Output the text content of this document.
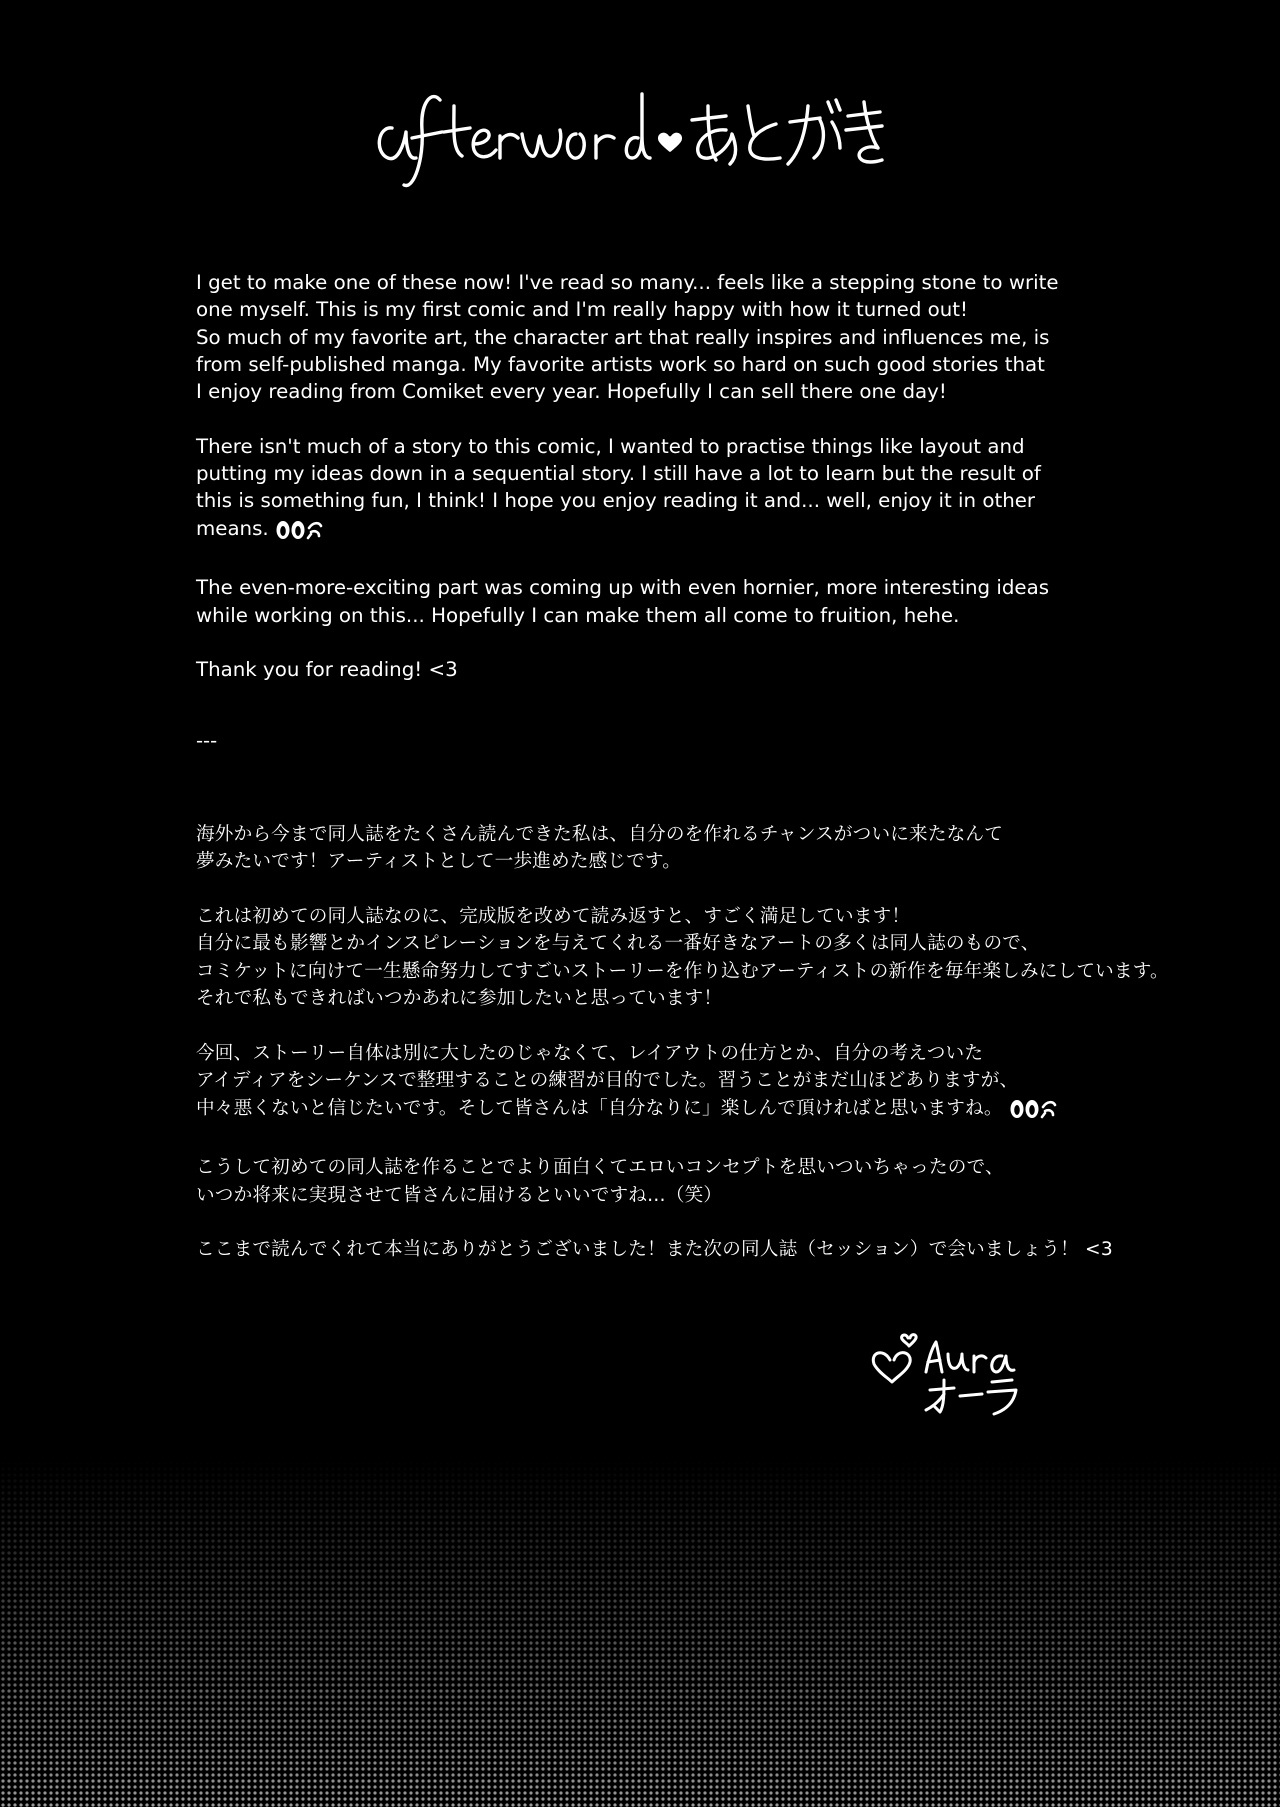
I get to make one of these now! I've read so many... feels like a stepping stone to write
one myself. This is my first comic and I'm really happy with how it turned out!
So much of my favorite art, the character art that really inspires and influences me, is
from self-published manga. My favorite artists work so hard on such good stories that
I enjoy reading from Comiket every year. Hopefully I can sell there one day!

There isn't much of a story to this comic, I wanted to practise things like layout and
putting my ideas down in a sequential story. I still have a lot to learn but the result of
this is something fun, I think! I hope you enjoy reading it and... well, enjoy it in other
means.

The even-more-exciting part was coming up with even hornier, more interesting ideas
while working on this... Hopefully I can make them all come to fruition, hehe.

Thank you for reading! <3

---

海外から今まで同人誌をたくさん読んできた私は、自分のを作れるチャンスがついに来たなんて
夢みたいです！アーティストとして一歩進めた感じです。

これは初めての同人誌なのに、完成版を改めて読み返すと、すごく満足しています！
自分に最も影響とかインスピレーションを与えてくれる一番好きなアートの多くは同人誌のもので、
コミケットに向けて一生懸命努力してすごいストーリーを作り込むアーティストの新作を毎年楽しみにしています。
それで私もできればいつかあれに参加したいと思っています！

今回、ストーリー自体は別に大したのじゃなくて、レイアウトの仕方とか、自分の考えついた
アイディアをシーケンスで整理することの練習が目的でした。習うことがまだ山ほどありますが、
中々悪くないと信じたいです。そして皆さんは「自分なりに」楽しんで頂ければと思いますね。

こうして初めての同人誌を作ることでより面白くてエロいコンセプトを思いついちゃったので、
いつか将来に実現させて皆さんに届けるといいですね…（笑）

ここまで読んでくれて本当にありがとうございました！また次の同人誌（セッション）で会いましょう！ <3
